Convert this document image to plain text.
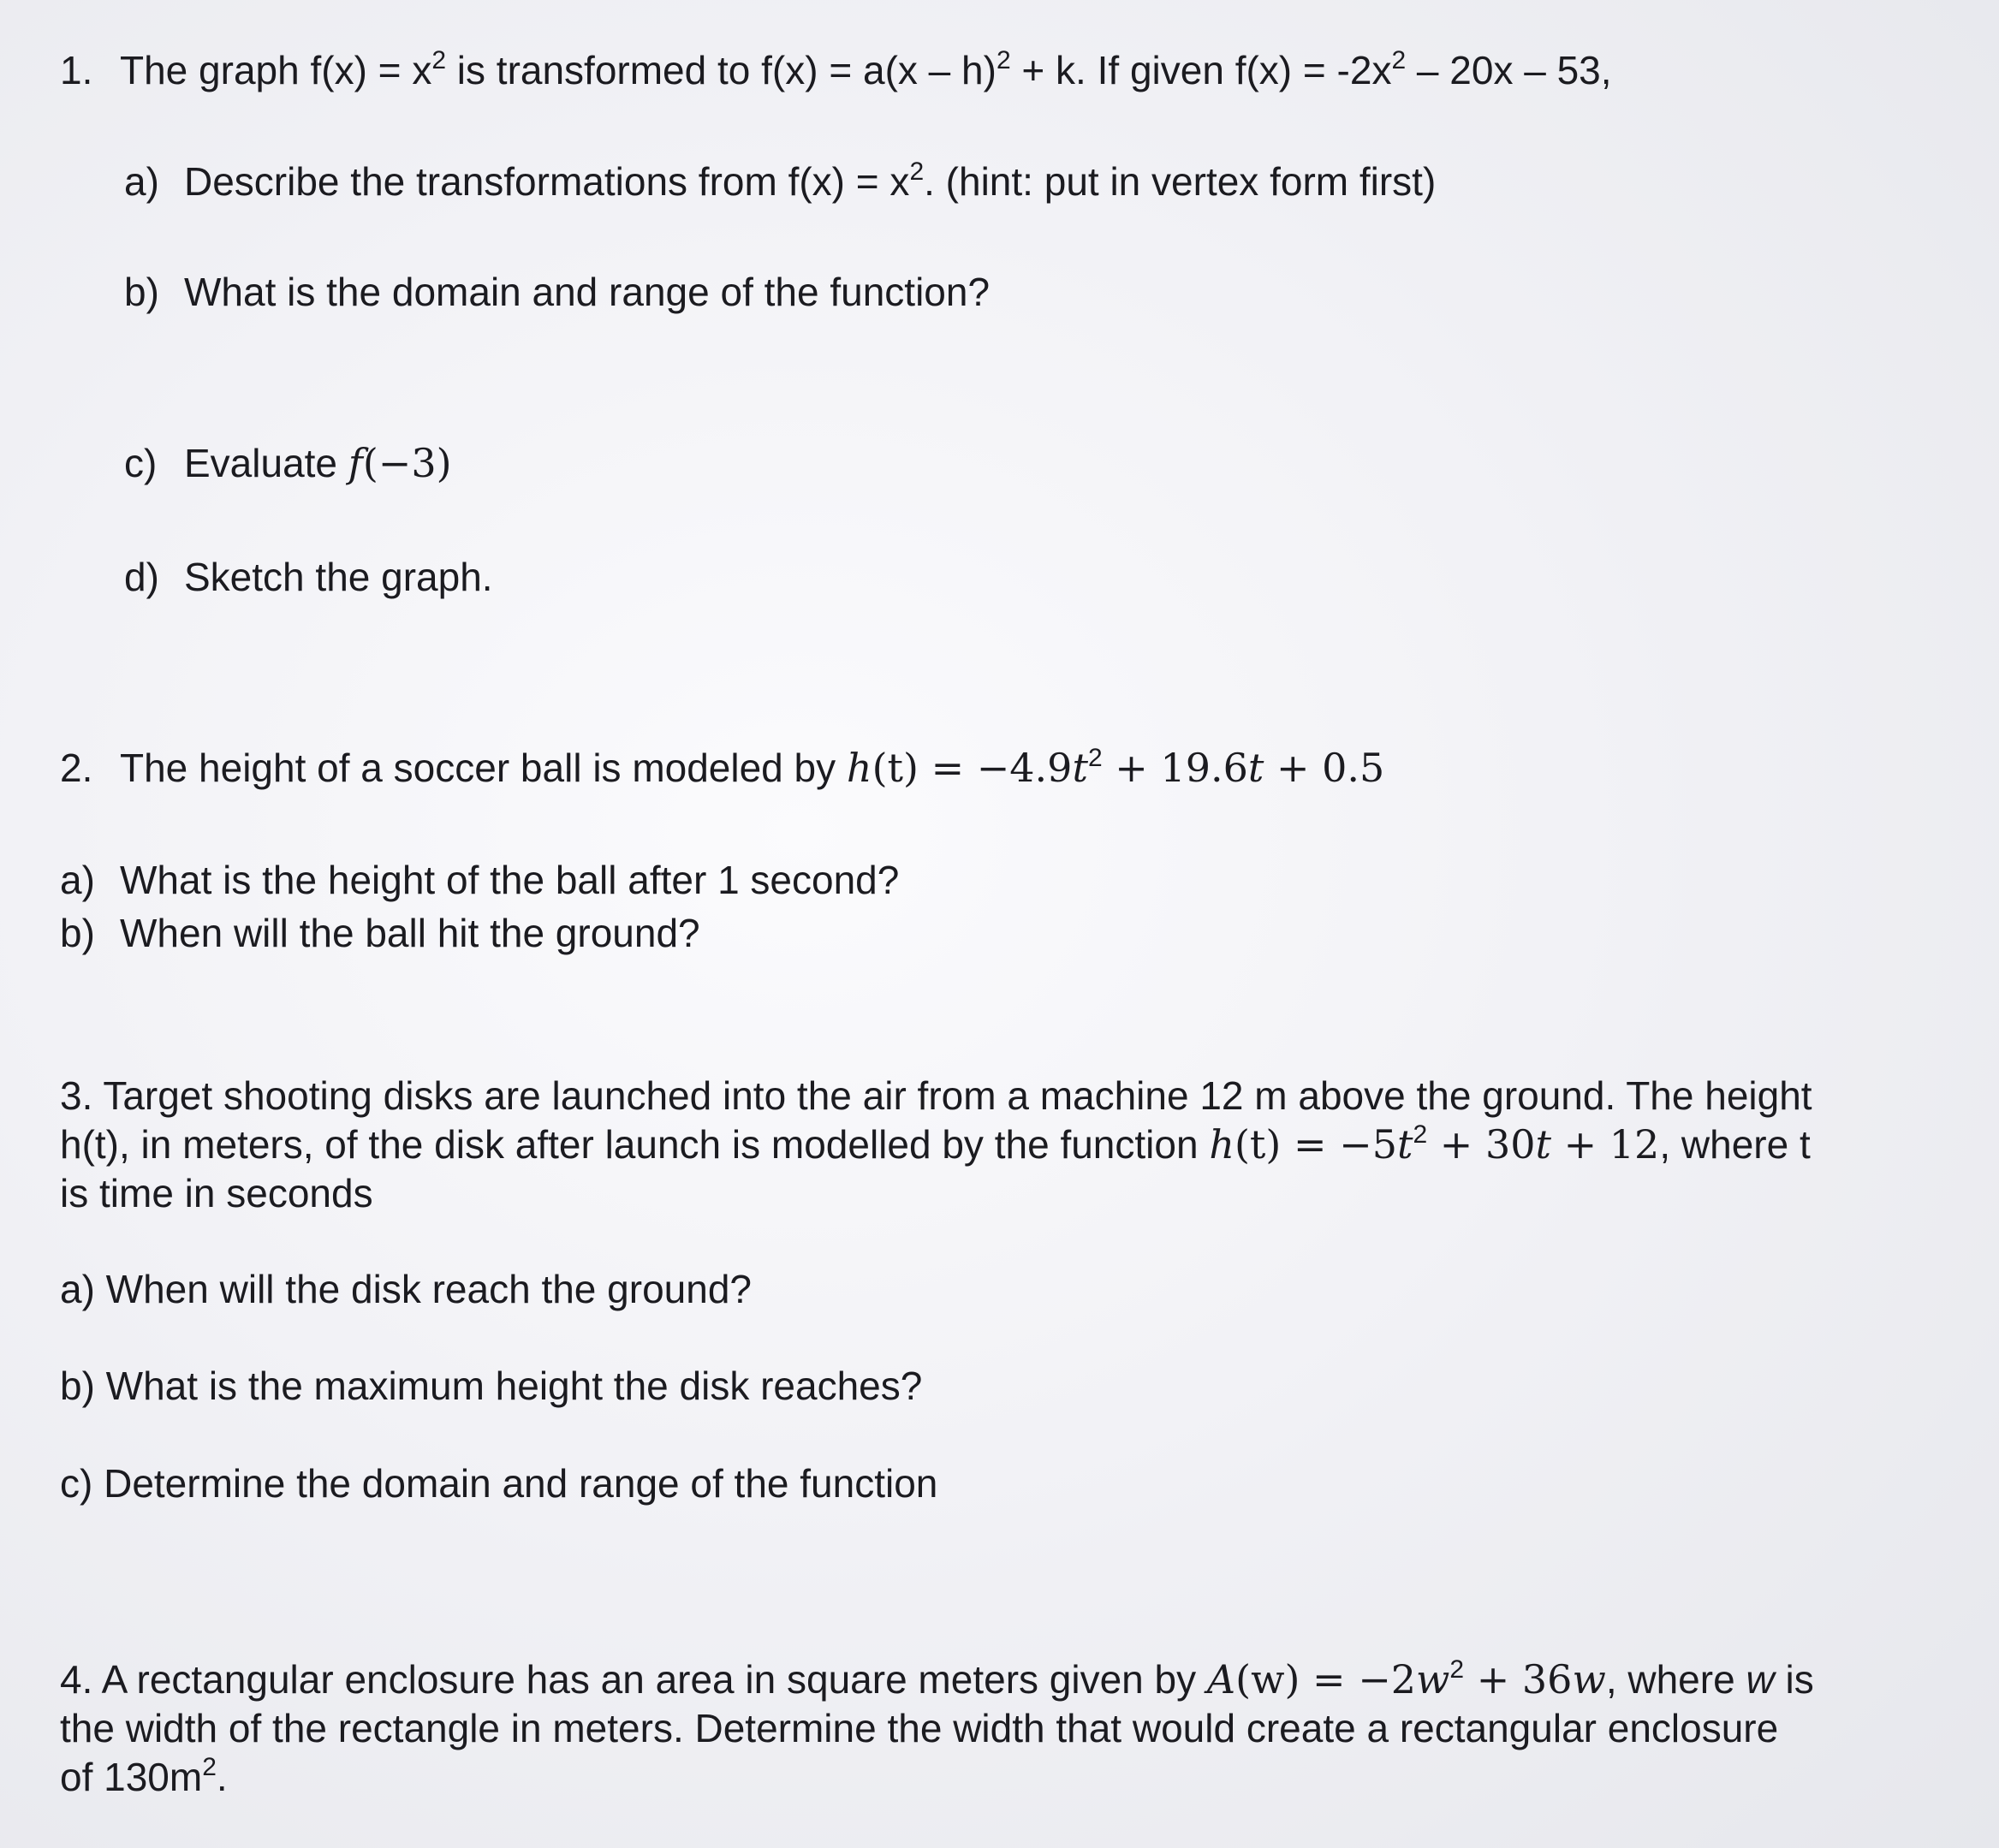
1. The graph $f(x) = x^2$ is transformed to f(x) = a(x – h)$^2$ + k. If given $f(x) = -2x^2 - 20x - 53$,

a) Describe the transformations from $f(x) = x^2$. (hint: put in vertex form first)

b) What is the domain and range of the function?

c) Evaluate f(−3)

d) Sketch the graph.

2. The height of a soccer ball is modeled by $h(t) = -4.9t^2 + 19.6t + 0.5$

a) What is the height of the ball after 1 second?

b) When will the ball hit the ground?

3. Target shooting disks are launched into the air from a machine 12 m above the ground. The height

h(t), in meters, of the disk after launch is modelled by the function $h(t) = -5t^2 + 30t + 12$, where t

is time in seconds

a) When will the disk reach the ground?

b) What is the maximum height the disk reaches?

c) Determine the domain and range of the function

4. A rectangular enclosure has an area in square meters given by $A(w) = -2w^2 + 36w$, where w is

the width of the rectangle in meters. Determine the width that would create a rectangular enclosure

of $130m^2$.
